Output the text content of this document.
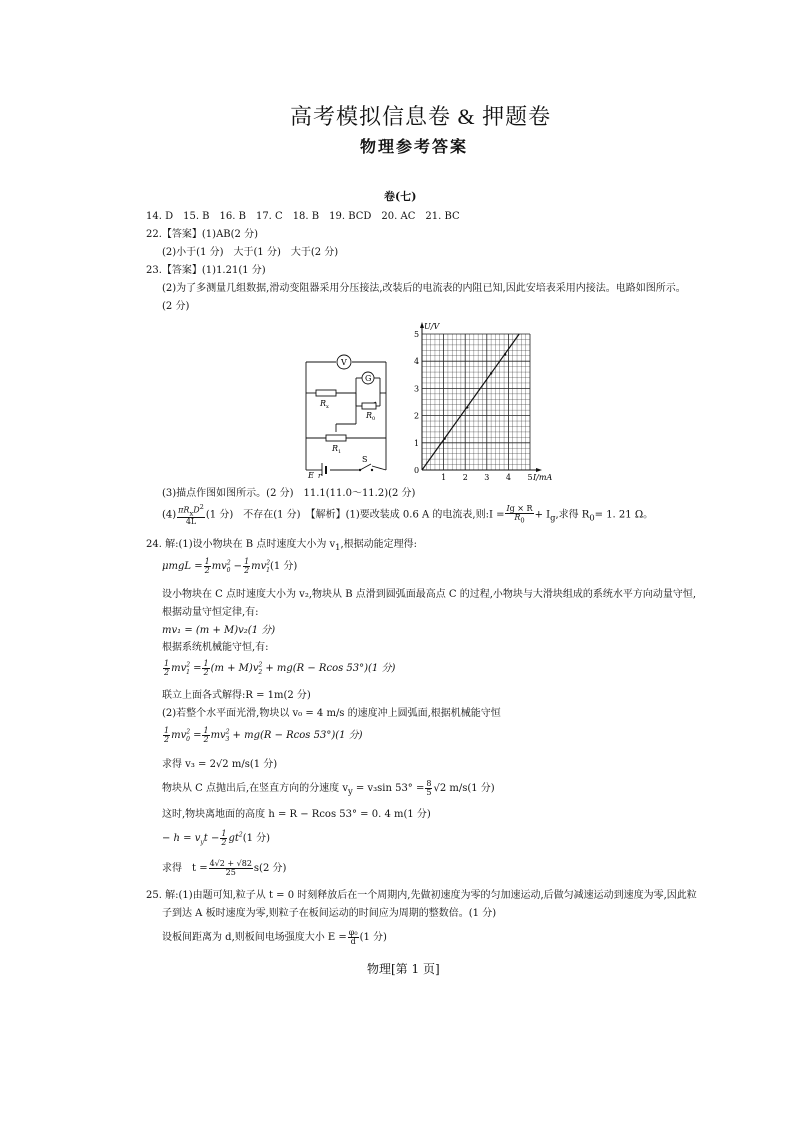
高考模拟信息卷 & 押题卷
物理参考答案
卷(七)
14. D　15. B　16. B　17. C　18. B　19. BCD　20. AC　21. BC
22.【答案】(1)AB(2 分)
(2)小于(1 分)　大于(1 分)　大于(2 分)
23.【答案】(1)1.21(1 分)
(2)为了多测量几组数据,滑动变阻器采用分压接法,改装后的电流表的内阻已知,因此安培表采用内接法。电路如图所示。
(2 分)
V
G
R x
R 0
R 1
S
E r	1 2 3 4 5
1
2
3
4
5
0
I/mA
U/V
(3)描点作图如图所示。(2 分)　11.1(11.0～11.2)(2 分)
$(4) \frac{\pi R_xD^2}{4L} (1$ 分)　不存在(1 分)　【解析】(1)要改装成 0.6 A 的电流表,则:I = $\frac{Ig \times R}{R_0} + I_g$,求得 $R_0= 1$. 21 Ω。
24. 解:(1)设小物块在 B 点时速度大小为 $v_1$,根据动能定理得:
$\mu mgL = \frac{1}{2} mv^2_0 - \frac{1}{2} mv^2_1(1$ 分)
设小物块在 C 点时速度大小为 v₂,物块从 B 点滑到圆弧面最高点 C 的过程,小物块与大滑块组成的系统水平方向动量守恒,
根据动量守恒定律,有:
mv₁ = (m + M)v₂(1 分)
根据系统机械能守恒,有:
$\frac{1}{2} mv^2_1 = \frac{1}{2} (m + M)v^2_2 + mg(R - Rcos$ 53°)(1 分)
联立上面各式解得:R = 1m(2 分)
(2)若整个水平面光滑,物块以 v₀ = 4 m/s 的速度冲上圆弧面,根据机械能守恒
$\frac{1}{2} mv^2_0 = \frac{1}{2} mv^2_3 + mg(R - Rcos$ 53°)(1 分)
求得 v₃ = 2√2 m/s(1 分)
物块从 C 点抛出后,在竖直方向的分速度 $v_y = v_3\sin$ $53^\circ = \frac{8}{5} √2$ m/s(1 分)
这时,物块离地面的高度 h = R − Rcos 53° = 0. 4 m(1 分)
− $h = v_yt - \frac{1}{2} gt^2(1$ 分)
求得　$t = \frac{4√2 + √82}{25} s(2$ 分)
25. 解:(1)由题可知,粒子从 t = 0 时刻释放后在一个周期内,先做初速度为零的匀加速运动,后做匀减速运动到速度为零,因此粒
子到达 A 板时速度为零,则粒子在板间运动的时间应为周期的整数倍。(1 分)
设板间距离为 d,则板间电场强度大小 $E = \frac{\text{φ₀}}{d} (1$ 分)
物理[第 1 页]
